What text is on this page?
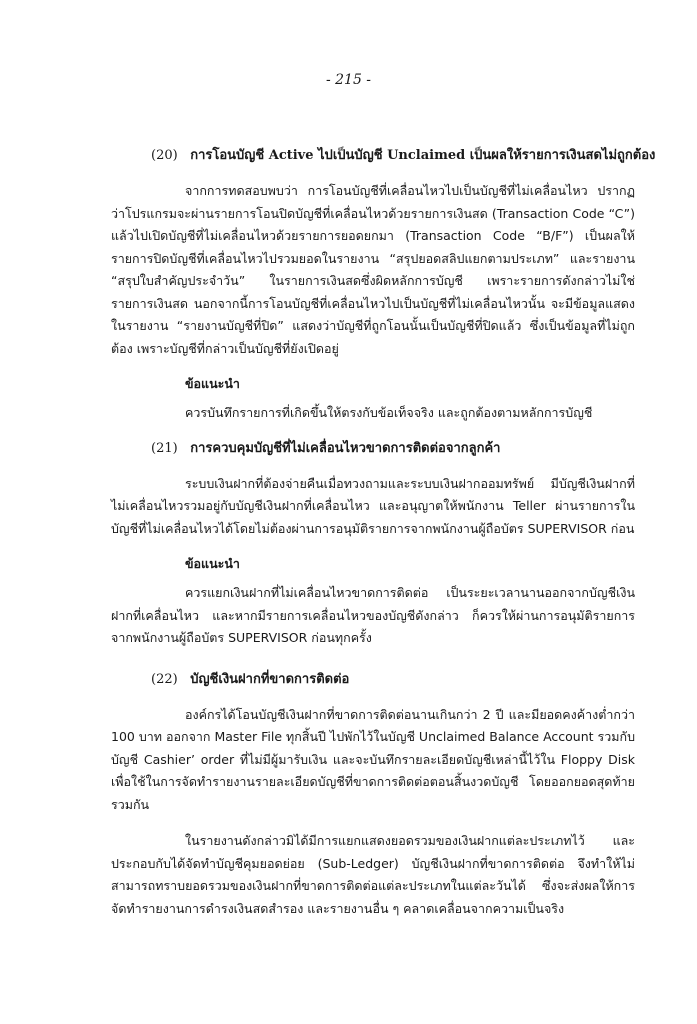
- 215 -
(20) การโอนบัญชี Active ไปเป็นบัญชี Unclaimed เป็นผลให้รายการเงินสดไม่ถูกต้อง

จากการทดสอบพบว่า การโอนบัญชีที่เคลื่อนไหวไปเป็นบัญชีที่ไม่เคลื่อนไหว ปรากฏว่าโปรแกรมจะผ่านรายการโอนปิดบัญชีที่เคลื่อนไหวด้วยรายการเงินสด (Transaction Code “C”) แล้วไปเปิดบัญชีที่ไม่เคลื่อนไหวด้วยรายการยอดยกมา (Transaction Code “B/F”) เป็นผลให้รายการปิดบัญชีที่เคลื่อนไหวไปรวมยอดในรายงาน “สรุปยอดสลิปแยกตามประเภท” และรายงาน “สรุปใบสำคัญประจำวัน” ในรายการเงินสดซึ่งผิดหลักการบัญชี เพราะรายการดังกล่าวไม่ใช่รายการเงินสด นอกจากนี้การโอนบัญชีที่เคลื่อนไหวไปเป็นบัญชีที่ไม่เคลื่อนไหวนั้น จะมีข้อมูลแสดงในรายงาน “รายงานบัญชีที่ปิด” แสดงว่าบัญชีที่ถูกโอนนั้นเป็นบัญชีที่ปิดแล้ว ซึ่งเป็นข้อมูลที่ไม่ถูกต้อง เพราะบัญชีที่กล่าวเป็นบัญชีที่ยังเปิดอยู่

ข้อแนะนำ

ควรบันทึกรายการที่เกิดขึ้นให้ตรงกับข้อเท็จจริง และถูกต้องตามหลักการบัญชี

(21) การควบคุมบัญชีที่ไม่เคลื่อนไหวขาดการติดต่อจากลูกค้า

ระบบเงินฝากที่ต้องจ่ายคืนเมื่อทวงถามและระบบเงินฝากออมทรัพย์ มีบัญชีเงินฝากที่ไม่เคลื่อนไหวรวมอยู่กับบัญชีเงินฝากที่เคลื่อนไหว และอนุญาตให้พนักงาน Teller ผ่านรายการในบัญชีที่ไม่เคลื่อนไหวได้โดยไม่ต้องผ่านการอนุมัติรายการจากพนักงานผู้ถือบัตร SUPERVISOR ก่อน

ข้อแนะนำ

ควรแยกเงินฝากที่ไม่เคลื่อนไหวขาดการติดต่อ เป็นระยะเวลานานออกจากบัญชีเงินฝากที่เคลื่อนไหว และหากมีรายการเคลื่อนไหวของบัญชีดังกล่าว ก็ควรให้ผ่านการอนุมัติรายการจากพนักงานผู้ถือบัตร SUPERVISOR ก่อนทุกครั้ง

(22) บัญชีเงินฝากที่ขาดการติดต่อ

องค์กรได้โอนบัญชีเงินฝากที่ขาดการติดต่อนานเกินกว่า 2 ปี และมียอดคงค้างต่ำกว่า 100 บาท ออกจาก Master File ทุกสิ้นปี ไปพักไว้ในบัญชี Unclaimed Balance Account รวมกับบัญชี Cashier’ order ที่ไม่มีผู้มารับเงิน และจะบันทึกรายละเอียดบัญชีเหล่านี้ไว้ใน Floppy Disk เพื่อใช้ในการจัดทำรายงานรายละเอียดบัญชีที่ขาดการติดต่อตอนสิ้นงวดบัญชี โดยออกยอดสุดท้ายรวมกัน

ในรายงานดังกล่าวมิได้มีการแยกแสดงยอดรวมของเงินฝากแต่ละประเภทไว้ และประกอบกับได้จัดทำบัญชีคุมยอดย่อย (Sub-Ledger) บัญชีเงินฝากที่ขาดการติดต่อ จึงทำให้ไม่สามารถทราบยอดรวมของเงินฝากที่ขาดการติดต่อแต่ละประเภทในแต่ละวันได้ ซึ่งจะส่งผลให้การจัดทำรายงานการดำรงเงินสดสำรอง และรายงานอื่น ๆ คลาดเคลื่อนจากความเป็นจริง
